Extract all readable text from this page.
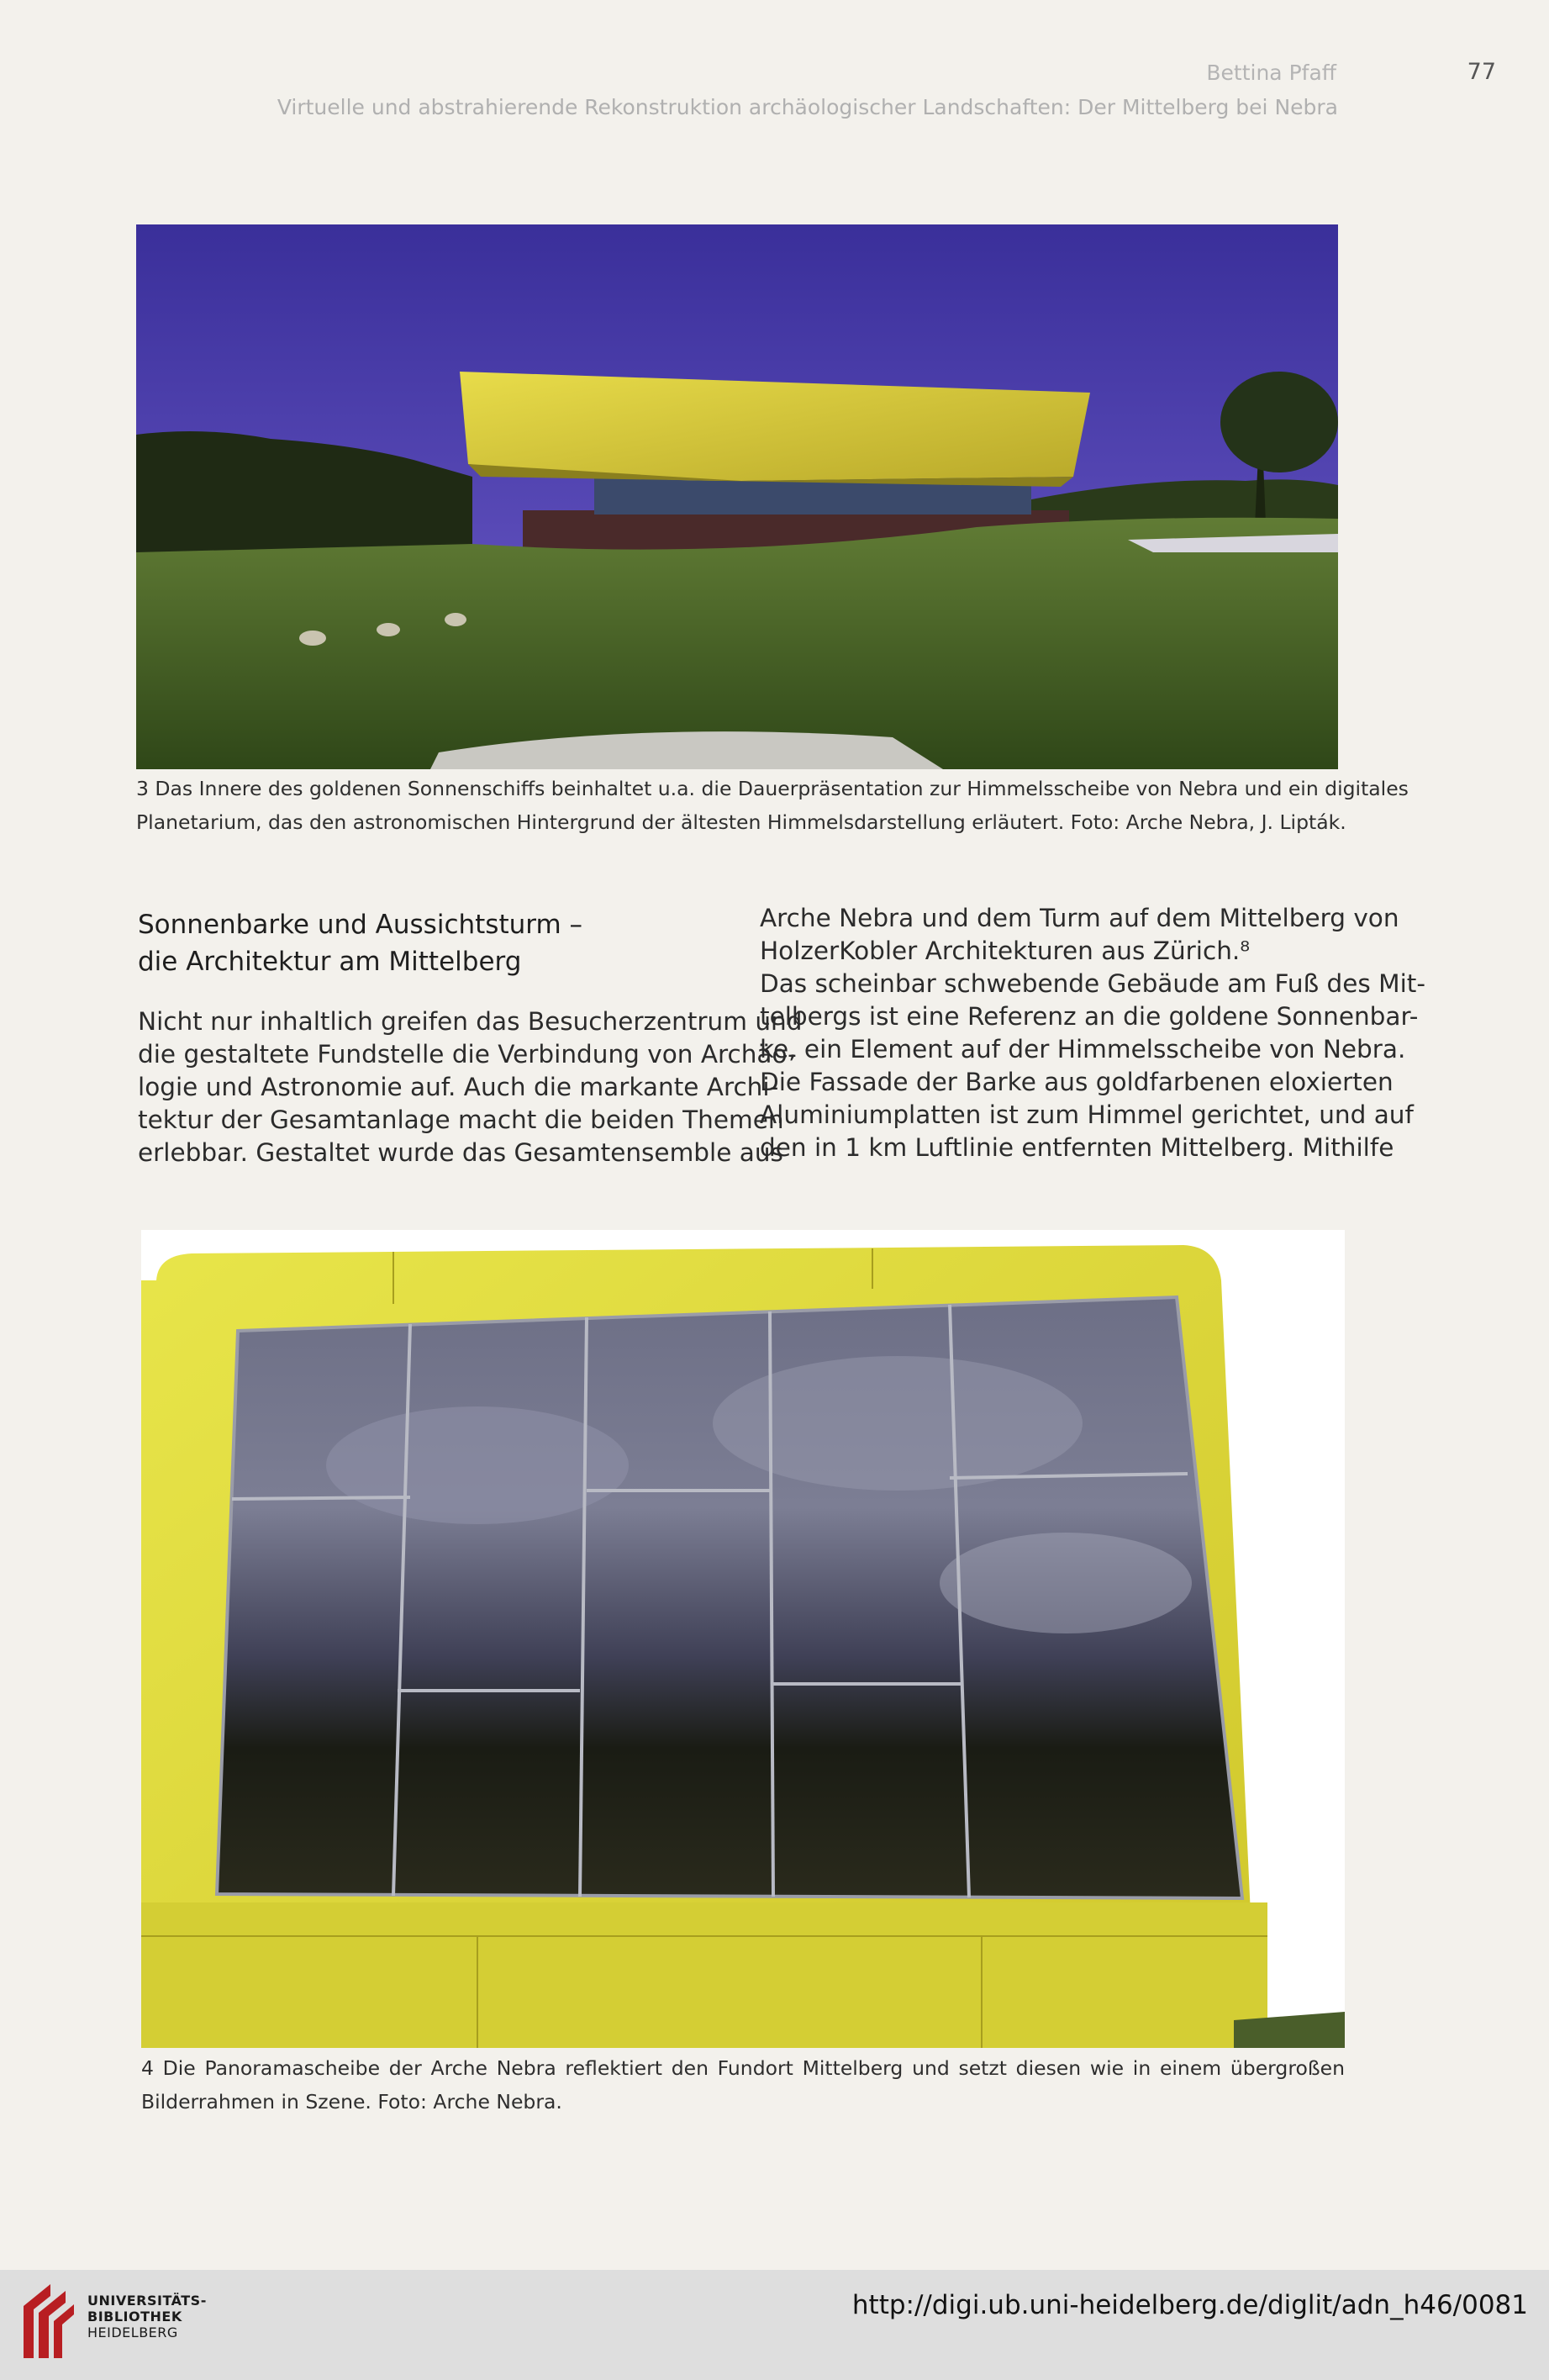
Bettina Pfaff	77
Virtuelle und abstrahierende Rekonstruktion archäologischer Landschaften: Der Mittelberg bei Nebra
3 Das Innere des goldenen Sonnenschiffs beinhaltet u.a. die Dauerpräsentation zur Himmelsscheibe von Nebra und ein digitales
Planetarium, das den astronomischen Hintergrund der ältesten Himmelsdarstellung erläutert. Foto: Arche Nebra, J. Lipták.
Sonnenbarke und Aussichtsturm –
die Architektur am Mittelberg
Nicht nur inhaltlich greifen das Besucherzentrum und
die gestaltete Fundstelle die Verbindung von Archäo-
logie und Astronomie auf. Auch die markante Archi-
tektur der Gesamtanlage macht die beiden Themen
erlebbar. Gestaltet wurde das Gesamtensemble aus
Arche Nebra und dem Turm auf dem Mittelberg von
HolzerKobler Architekturen aus Zürich.⁸
Das scheinbar schwebende Gebäude am Fuß des Mit-
telbergs ist eine Referenz an die goldene Sonnenbar-
ke, ein Element auf der Himmelsscheibe von Nebra.
Die Fassade der Barke aus goldfarbenen eloxierten
Aluminiumplatten ist zum Himmel gerichtet, und auf
den in 1 km Luftlinie entfernten Mittelberg. Mithilfe
4 Die Panoramascheibe der Arche Nebra reflektiert den Fundort Mittelberg und setzt diesen wie in einem übergroßen
Bilderrahmen in Szene. Foto: Arche Nebra.
UNIVERSITÄTS-
BIBLIOTHEK
HEIDELBERG
http://digi.ub.uni-heidelberg.de/diglit/adn_h46/0081
